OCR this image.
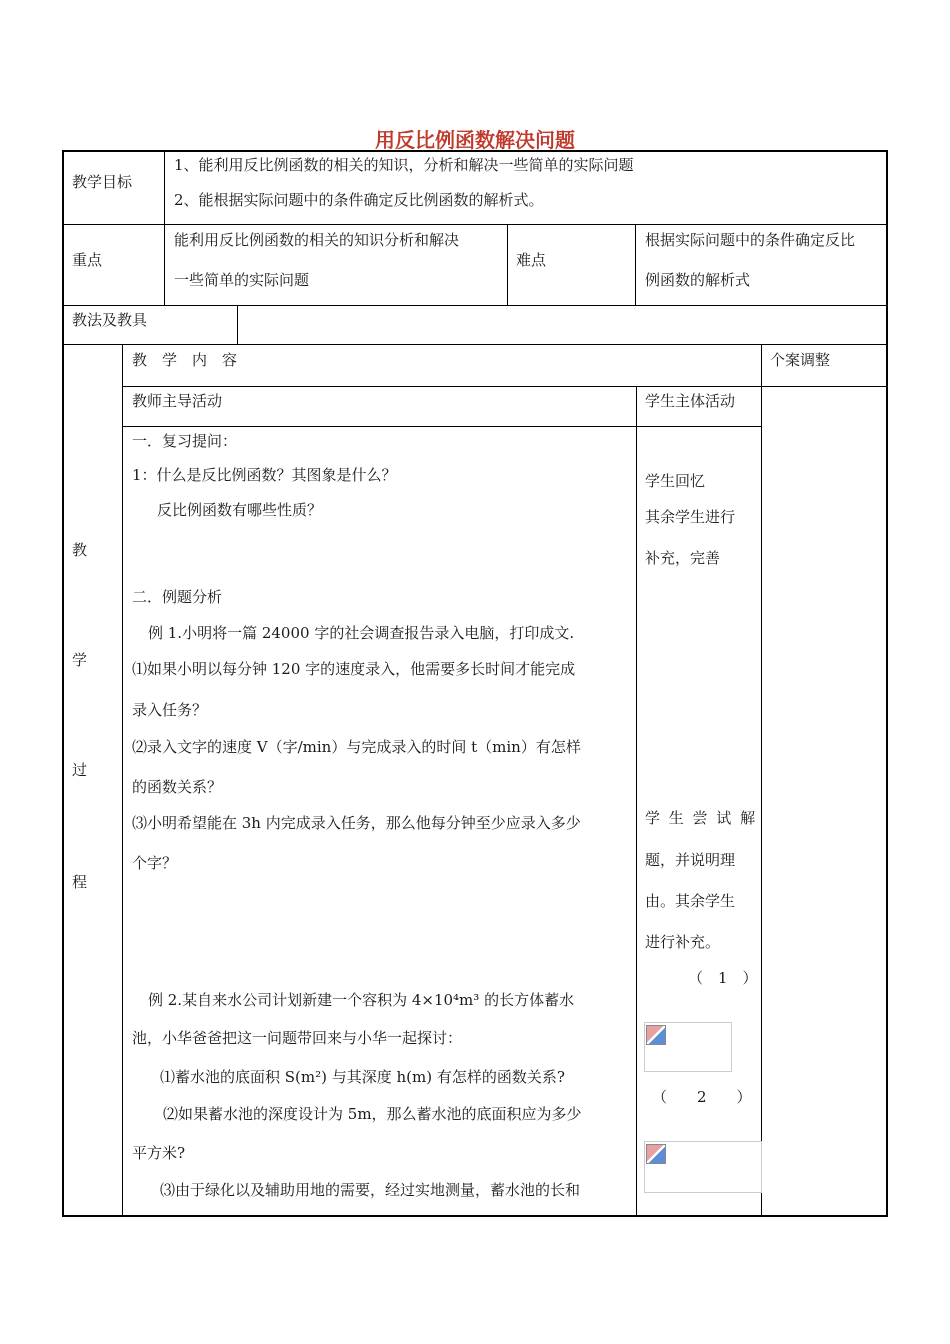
用反比例函数解决问题
教学目标
1、能利用反比例函数的相关的知识，分析和解决一些简单的实际问题
2、能根据实际问题中的条件确定反比例函数的解析式。
重点
能利用反比例函数的相关的知识分析和解决
一些简单的实际问题
难点
根据实际问题中的条件确定反比
例函数的解析式
教法及教具
教
学
过
程
教　学　内　容	个案调整
教师主导活动	学生主体活动
一．复习提问：
1：什么是反比例函数？其图象是什么？
反比例函数有哪些性质？
二．例题分析
例 1.小明将一篇 24000 字的社会调查报告录入电脑，打印成文.
⑴如果小明以每分钟 120 字的速度录入，他需要多长时间才能完成
录入任务？
⑵录入文字的速度 V（字/min）与完成录入的时间 t（min）有怎样
的函数关系？
⑶小明希望能在 3h 内完成录入任务，那么他每分钟至少应录入多少
个字？
例 2.某自来水公司计划新建一个容积为 4×10⁴m³ 的长方体蓄水
池，小华爸爸把这一问题带回来与小华一起探讨：
⑴蓄水池的底面积 S(m²) 与其深度 h(m) 有怎样的函数关系?
⑵如果蓄水池的深度设计为 5m，那么蓄水池的底面积应为多少
平方米?
⑶由于绿化以及辅助用地的需要，经过实地测量，蓄水池的长和
学生回忆
其余学生进行
补充，完善
学 生 尝 试 解
题，并说明理
由。其余学生
进行补充。
（　1　）
（　　2　　）
